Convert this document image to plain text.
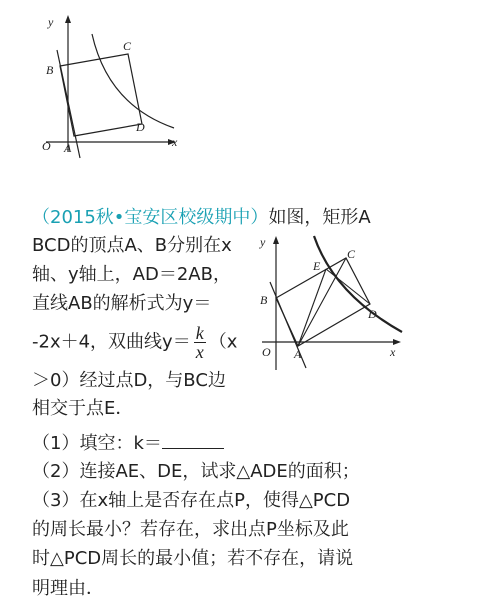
y
C
B
D
O A	x
（2015秋•宝安区校级期中）如图，矩形A
BCD的顶点A、B分别在x
轴、y轴上，AD＝2AB，
直线AB的解析式为y＝
-2x＋4，双曲线$y= \frac{k}{x} (x$
＞0）经过点D，与BC边
相交于点E．
（1）填空：k＝
（2）连接AE、DE，试求△ADE的面积；
（3）在x轴上是否存在点P，使得△PCD
的周长最小？若存在，求出点P坐标及此
时△PCD周长的最小值；若不存在，请说
明理由．
y
E
C
B
D
O A	x
